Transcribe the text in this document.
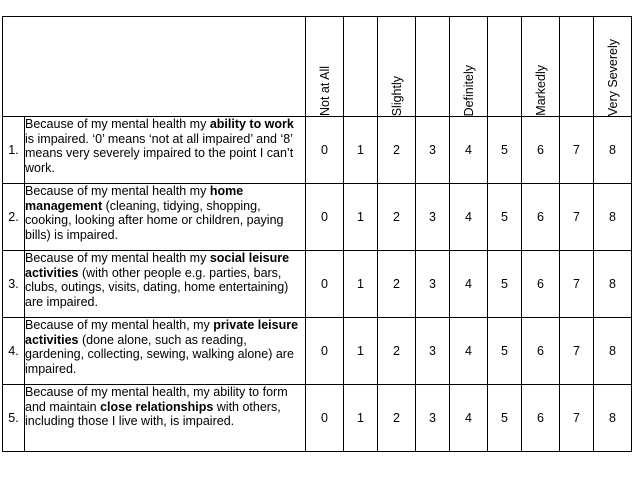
		Not at All		Slightly		Definitely		Markedly		Very Severely

1.	Because of my mental health my ability to work is impaired. ‘0’ means ‘not at all impaired’ and ‘8’ means very severely impaired to the point I can’t work.	0	1	2	3	4	5	6	7	8
2.	Because of my mental health my home management (cleaning, tidying, shopping, cooking, looking after home or children, paying bills) is impaired.	0	1	2	3	4	5	6	7	8
3.	Because of my mental health my social leisure activities (with other people e.g. parties, bars, clubs, outings, visits, dating, home entertaining) are impaired.	0	1	2	3	4	5	6	7	8
4.	Because of my mental health, my private leisure activities (done alone, such as reading, gardening, collecting, sewing, walking alone) are impaired.	0	1	2	3	4	5	6	7	8
5.	Because of my mental health, my ability to form and maintain close relationships with others, including those I live with, is impaired.	0	1	2	3	4	5	6	7	8
